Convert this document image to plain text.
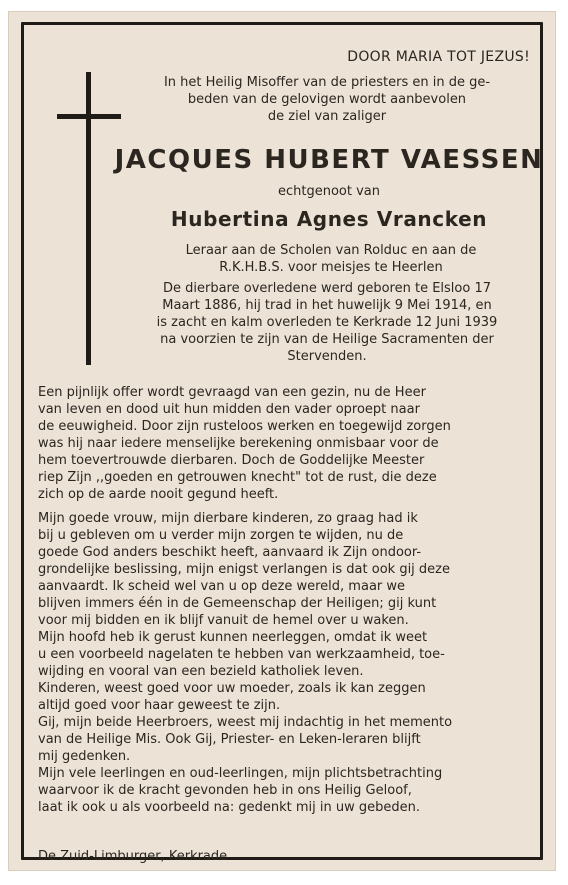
DOOR MARIA TOT JEZUS!
In het Heilig Misoffer van de priesters en in de ge-
beden van de gelovigen wordt aanbevolen
de ziel van zaliger
JACQUES HUBERT VAESSEN
echtgenoot van
Hubertina Agnes Vrancken
Leraar aan de Scholen van Rolduc en aan de
R.K.H.B.S. voor meisjes te Heerlen
De dierbare overledene werd geboren te Elsloo 17
Maart 1886, hij trad in het huwelijk 9 Mei 1914, en
is zacht en kalm overleden te Kerkrade 12 Juni 1939
na voorzien te zijn van de Heilige Sacramenten der
Stervenden.

Een pijnlijk offer wordt gevraagd van een gezin, nu de Heer
van leven en dood uit hun midden den vader oproept naar
de eeuwigheid. Door zijn rusteloos werken en toegewijd zorgen
was hij naar iedere menselijke berekening onmisbaar voor de
hem toevertrouwde dierbaren. Doch de Goddelijke Meester
riep Zijn ,,goeden en getrouwen knecht" tot de rust, die deze
zich op de aarde nooit gegund heeft.

Mijn goede vrouw, mijn dierbare kinderen, zo graag had ik
bij u gebleven om u verder mijn zorgen te wijden, nu de
goede God anders beschikt heeft, aanvaard ik Zijn ondoor-
grondelijke beslissing, mijn enigst verlangen is dat ook gij deze
aanvaardt. Ik scheid wel van u op deze wereld, maar we
blijven immers één in de Gemeenschap der Heiligen; gij kunt
voor mij bidden en ik blijf vanuit de hemel over u waken.
Mijn hoofd heb ik gerust kunnen neerleggen, omdat ik weet
u een voorbeeld nagelaten te hebben van werkzaamheid, toe-
wijding en vooral van een bezield katholiek leven.
Kinderen, weest goed voor uw moeder, zoals ik kan zeggen
altijd goed voor haar geweest te zijn.
Gij, mijn beide Heerbroers, weest mij indachtig in het memento
van de Heilige Mis. Ook Gij, Priester- en Leken-leraren blijft
mij gedenken.
Mijn vele leerlingen en oud-leerlingen, mijn plichtsbetrachting
waarvoor ik de kracht gevonden heb in ons Heilig Geloof,
laat ik ook u als voorbeeld na: gedenkt mij in uw gebeden.

De Zuid-Limburger, Kerkrade
